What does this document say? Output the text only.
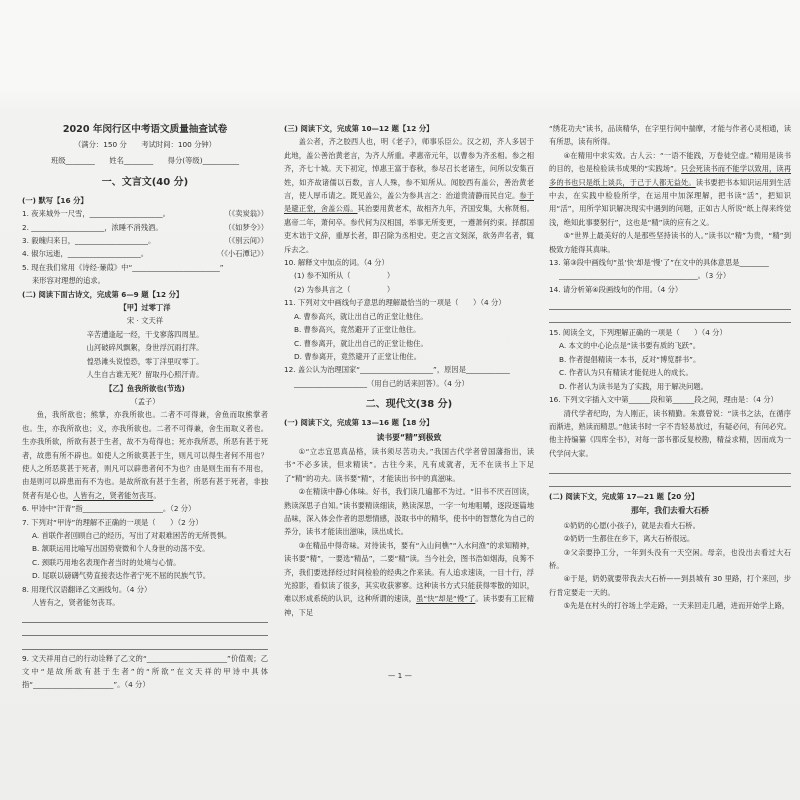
2020 年闵行区中考语文质量抽查试卷
（满分：150 分　　考试时间：100 分钟）
班级________　　姓名________　　得分(等级)__________
一、文言文(40 分)
(一) 默写【16 分】
1. 夜来城外一尺雪，____________________。	（《卖炭翁》）
2. ____________________，浓睡不消残酒。	（《如梦令》）
3. 毅魄归来日，____________________。	（《别云间》）
4. 俶尔远逝，____________________。	（《小石潭记》）
5. 现在我们常用《诗经·蒹葭》中“________________________”
来形容对理想的追求。
(二) 阅读下面古诗文，完成第 6—9 题【12 分】
【甲】过零丁洋
宋 · 文天祥
辛苦遭逢起一经，干戈寥落四周星。
山河破碎风飘絮，身世浮沉雨打萍。
惶恐滩头说惶恐，零丁洋里叹零丁。
人生自古谁无死？留取丹心照汗青。
【乙】鱼我所欲也(节选)
（孟子）
鱼，我所欲也；熊掌，亦我所欲也。二者不可得兼，舍鱼而取熊掌者也。生，亦我所欲也；义，亦我所欲也。二者不可得兼，舍生而取义者也。生亦我所欲，所欲有甚于生者，故不为苟得也；死亦我所恶，所恶有甚于死者，故患有所不辟也。如使人之所欲莫甚于生，则凡可以得生者何不用也？使人之所恶莫甚于死者，则凡可以辟患者何不为也？由是则生而有不用也，由是则可以辟患而有不为也。是故所欲有甚于生者，所恶有甚于死者，非独贤者有是心也，人皆有之，贤者能勿丧耳。
6. 甲诗中“汗青”指______________________。（2 分）
7. 下列对“甲诗”的理解不正确的一项是（　　）（2 分）
A. 首联作者回顾自己的经历，写出了对艰难困苦的无所畏惧。
B. 颔联运用比喻写出国势衰微和个人身世的动荡不安。
C. 颈联巧用地名表现作者当时的处境与心情。
D. 尾联以磅礴气势直接表达作者宁死不屈的民族气节。
8. 用现代汉语翻译乙文画线句。（4 分）
人皆有之，贤者能勿丧耳。
9. 文天祥用自己的行动诠释了乙文的“______________________”价值观；乙文中“是故所欲有甚于生者”的“所欲”在文天祥的甲诗中具体指“______________________”。（4 分）
(三) 阅读下文，完成第 10—12 题【12 分】
盖公者，齐之胶西人也，明《老子》，师事乐臣公。汉之初，齐人多居于此地，盖公善治黄老言，为齐人所重。孝惠帝元年，以曹参为齐丞相。参之相齐，齐七十城。天下初定，悼惠王富于春秋，参尽召长老诸生，问所以安集百姓，如齐故诸儒以百数，言人人殊，参不知所从。闻胶西有盖公，善治黄老言，使人厚币请之。既见盖公，盖公为参具言之：治道贵清静而民自定。参于是避正堂，舍盖公焉。其治要用黄老术，故相齐九年，齐国安集，大称贤相。惠帝二年，萧何卒。参代何为汉相国，举事无所变更，一遵萧何约束。择郡国吏木诎于文辞，重厚长者，即召除为丞相史。吏之言文刻深，欲务声名者，辄斥去之。
10. 解释文中加点的词。（4 分）
(1) 参不知所从（　　　　　）
(2) 为参具言之（　　　　　）
11. 下列对文中画线句子意思的理解最恰当的一项是（　　）（4 分）
A. 曹参高兴，就让出自己的正堂让他住。
B. 曹参高兴，竟然避开了正堂让他住。
C. 曹参离开，就让出自己的正堂让他住。
D. 曹参离开，竟然避开了正堂让他住。
12. 盖公认为治理国家“____________________”，原因是____________
____________________（用自己的话来回答）。（4 分）
二、现代文(38 分)
(一) 阅读下文，完成第 13—16 题【18 分】
读书要“精”到极致
①“立志宜思真品格，读书须尽苦功夫。”我国古代学者曾国藩指出，读书“不必多读，但求精读”。古往今来，凡有成就者，无不在读书上下足了“精”的功夫。读书要“精”，才能读出书中的真滋味。
②在精读中静心体味。好书，我们读几遍都不为过。“旧书不厌百回读，熟读深思子自知。”读书要精读细读，熟读深思，一字一句地咀嚼，逐段逐篇地品味，深入体会作者的思想情感，汲取书中的精华，使书中的智慧化为自己的养分，读书才能读出滋味，读出成长。
③在精品中得奇味。对待读书，要有“入山问樵”“入水问渔”的求知精神，读书要“精”，一要选“精品”，二要“精”读。当今社会，图书浩如烟海，良莠不齐，我们要选择经过时间检验的经典之作来读。有人追求速读，一目十行，浮光掠影，看似读了很多，其实收获寥寥。这种读书方式只能获得零散的知识，难以形成系统的认识，这种所谓的速读，虽“快”却是“慢”了。读书要有工匠精神，下足
“绣花功夫”读书，品读精华，在字里行间中揣摩，才能与作者心灵相通，读有所思，读有所得。
④在精用中求实效。古人云：“一语不能践，万卷徒空虚。”精用是读书的目的，也是检验读书成果的“实践场”。只会死读书而不能学以致用，读再多的书也只是纸上谈兵，于己于人都无益处。读书要把书本知识运用到生活中去，在实践中检验所学，在运用中加深理解，把书读“活”，把知识用“活”，用所学知识解决现实中遇到的问题，正如古人所说“纸上得来终觉浅，绝知此事要躬行”，这也是“精”读的应有之义。
⑤“世界上最美好的人是那些坚持读书的人。”读书以“精”为贵，“精”到极致方能得其真味。
13. 第③段中画线句“虽‘快’却是‘慢’了”在文中的具体意思是________
______________________________________。（3 分）
14. 请分析第④段画线句的作用。（4 分）
15. 阅读全文，下列理解正确的一项是（　　）（4 分）
A. 本文的中心论点是“读书要有质的飞跃”。
B. 作者提倡精读一本书，反对“博览群书”。
C. 作者认为只有精读才能促进人的成长。
D. 作者认为读书是为了实践，用于解决问题。
16. 下列文字插入文中第______段和第______段之间，理由是：（4 分）
清代学者纪昀，为人刚正，读书精勤。朱熹曾说：“读书之法，在循序而渐进，熟读而精思。”他读书时一字不肯轻易放过，有疑必问，有问必究。他主持编纂《四库全书》，对每一部书都反复校勘，精益求精，因而成为一代学问大家。
(二) 阅读下文，完成第 17—21 题【20 分】
那年，我们去看大石桥
①奶奶的心愿(小孩子)，就是去看大石桥。
②奶奶一生都住在乡下，离大石桥很远。
③父亲要挣工分，一年到头没有一天空闲。母亲，也没出去看过大石桥。
④于是，奶奶就要带我去大石桥——到县城有 30 里路，打个来回，步行肯定要走一天的。
⑤先是在村头的打谷场上学走路，一天来回走几趟，进而开始学上路，
— 1 —
